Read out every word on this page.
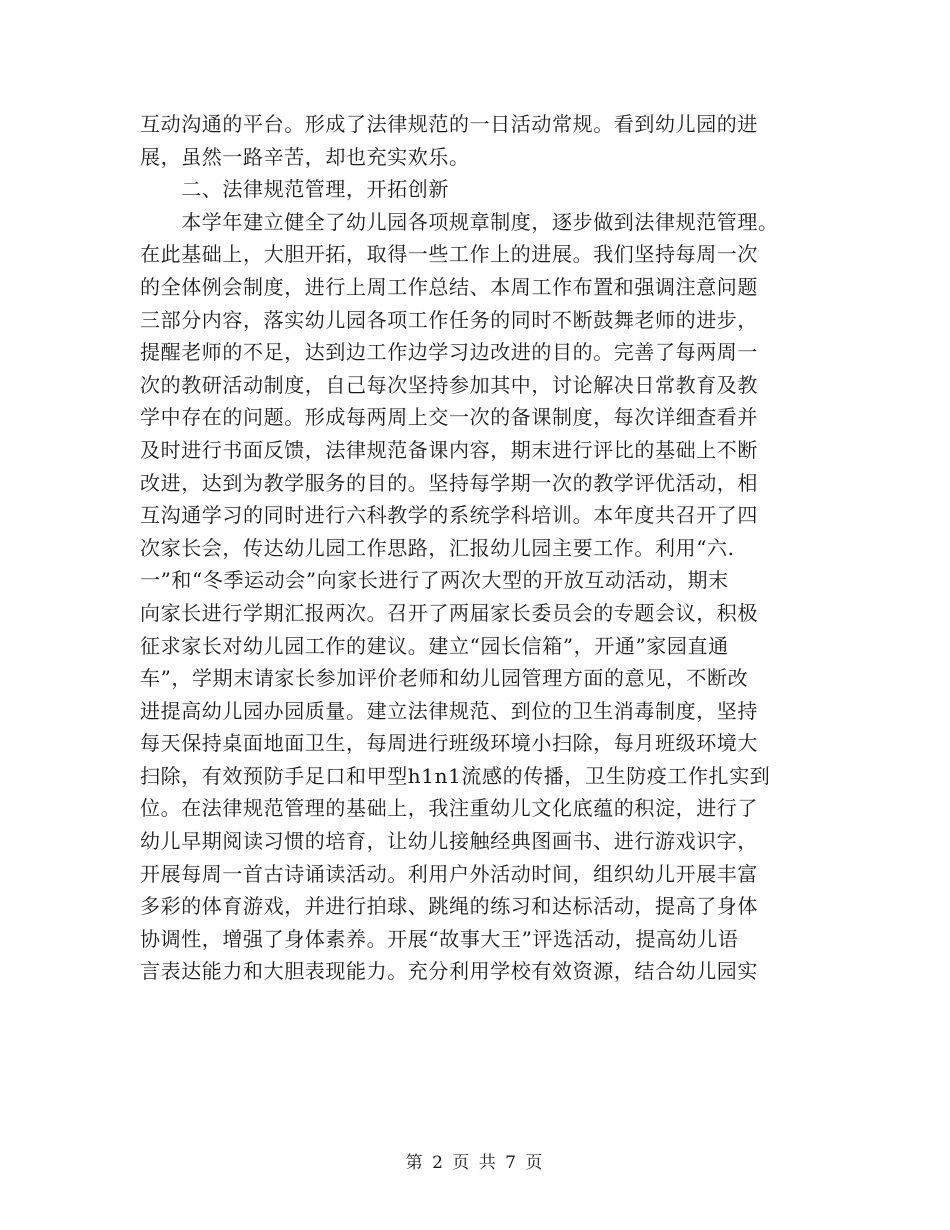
互动沟通的平台。形成了法律规范的一日活动常规。看到幼儿园的进
展，虽然一路辛苦，却也充实欢乐。
　　二、法律规范管理，开拓创新
　　本学年建立健全了幼儿园各项规章制度，逐步做到法律规范管理。
在此基础上，大胆开拓，取得一些工作上的进展。我们坚持每周一次
的全体例会制度，进行上周工作总结、本周工作布置和强调注意问题
三部分内容，落实幼儿园各项工作任务的同时不断鼓舞老师的进步，
提醒老师的不足，达到边工作边学习边改进的目的。完善了每两周一
次的教研活动制度，自己每次坚持参加其中，讨论解决日常教育及教
学中存在的问题。形成每两周上交一次的备课制度，每次详细查看并
及时进行书面反馈，法律规范备课内容，期末进行评比的基础上不断
改进，达到为教学服务的目的。坚持每学期一次的教学评优活动，相
互沟通学习的同时进行六科教学的系统学科培训。本年度共召开了四
次家长会，传达幼儿园工作思路，汇报幼儿园主要工作。利用“六.
一”和“冬季运动会”向家长进行了两次大型的开放互动活动，期末
向家长进行学期汇报两次。召开了两届家长委员会的专题会议，积极
征求家长对幼儿园工作的建议。建立“园长信箱”，开通”家园直通
车”，学期末请家长参加评价老师和幼儿园管理方面的意见，不断改
进提高幼儿园办园质量。建立法律规范、到位的卫生消毒制度，坚持
每天保持桌面地面卫生，每周进行班级环境小扫除，每月班级环境大
扫除，有效预防手足口和甲型h1n1流感的传播，卫生防疫工作扎实到
位。在法律规范管理的基础上，我注重幼儿文化底蕴的积淀，进行了
幼儿早期阅读习惯的培育，让幼儿接触经典图画书、进行游戏识字，
开展每周一首古诗诵读活动。利用户外活动时间，组织幼儿开展丰富
多彩的体育游戏，并进行拍球、跳绳的练习和达标活动，提高了身体
协调性，增强了身体素养。开展“故事大王”评选活动，提高幼儿语
言表达能力和大胆表现能力。充分利用学校有效资源，结合幼儿园实
第 2 页 共 7 页
